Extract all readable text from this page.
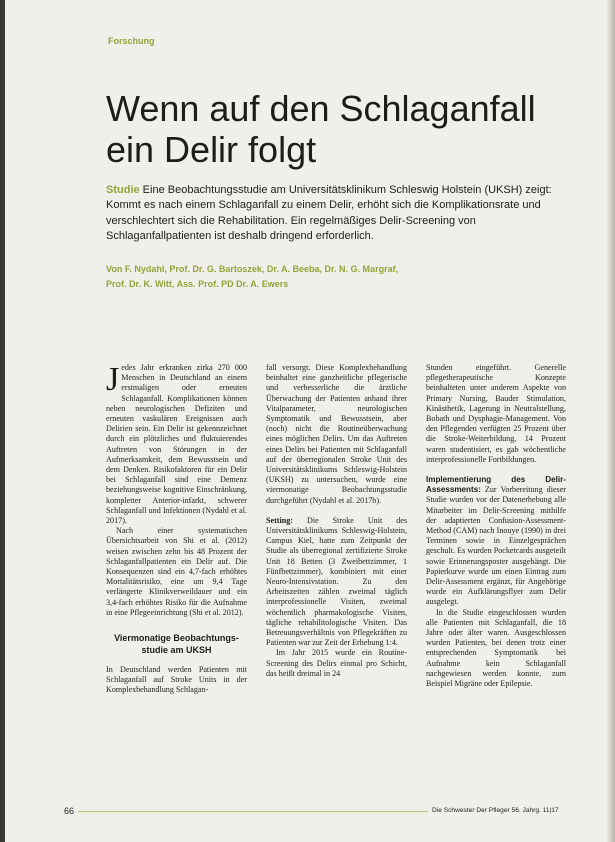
Forschung
Wenn auf den Schlaganfall
ein Delir folgt

Studie Eine Beobachtungsstudie am Universitätsklinikum Schleswig Holstein (UKSH) zeigt: Kommt es nach einem Schlaganfall zu einem Delir, erhöht sich die Komplikationsrate und verschlechtert sich die Rehabilitation. Ein regelmäßiges Delir-Screening von Schlaganfallpatienten ist deshalb dringend erforderlich.

Von F. Nydahl, Prof. Dr. G. Bartoszek, Dr. A. Beeba, Dr. N. G. Margraf,
Prof. Dr. K. Witt, Ass. Prof. PD Dr. A. Ewers

Jedes Jahr erkranken zirka 270 000 Menschen in Deutschland an einem erstmaligen oder erneuten Schlaganfall. Komplikationen können neben neurologischen Defiziten und erneuten vaskulären Ereignissen auch Delirien sein. Ein Delir ist gekennzeichnet durch ein plötzliches und fluktuierendes Auftreten von Störungen in der Aufmerksamkeit, dem Bewusstsein und dem Denken. Risikofaktoren für ein Delir bei Schlaganfall sind eine Demenz beziehungsweise kognitive Einschränkung, kompletter Anterior-infarkt, schwerer Schlaganfall und Infektionen (Nydahl et al. 2017).

Nach einer systematischen Übersichtsarbeit von Shi et al. (2012) weisen zwischen zehn bis 48 Prozent der Schlaganfallpatienten ein Delir auf. Die Konsequenzen sind ein 4,7-fach erhöhtes Mortalitätsrisiko, eine um 9,4 Tage verlängerte Klinikverweildauer und ein 3,4-fach erhöhtes Risiko für die Aufnahme in eine Pflegeeinrichtung (Shi et al. 2012).

Viermonatige Beobachtungs-
studie am UKSH

In Deutschland werden Patienten mit Schlaganfall auf Stroke Units in der Komplexbehandlung Schlagan-

fall versorgt. Diese Komplexbehandlung beinhaltet eine ganzheitliche pflegerische und verbesserliche die ärztliche Überwachung der Patienten anhand ihrer Vitalparameter, neurologischen Symptomatik und Bewusstsein, aber (noch) nicht die Routineüberwachung eines möglichen Delirs. Um das Auftreten eines Delirs bei Patienten mit Schlaganfall auf der überregionalen Stroke Unit des Universitätsklinikums Schleswig-Holstein (UKSH) zu untersuchen, wurde eine viermonatige Beobachtungsstudie durchgeführt (Nydahl et al. 2017b).

Setting: Die Stroke Unit des Universitätsklinikums Schleswig-Holstein, Campus Kiel, hatte zum Zeitpunkt der Studie als überregional zertifizierte Stroke Unit 18 Betten (3 Zweibettzimmer, 1 Fünfbettzimmer), kombiniert mit einer Neuro-Intensivstation. Zu den Arbeitszeiten zählen zweimal täglich interprofessionelle Visiten, zweimal wöchentlich pharmakologische Visiten, tägliche rehabilitologische Visiten. Das Betreuungsverhältnis von Pflegekräften zu Patienten war zur Zeit der Erhebung 1:4.

Im Jahr 2015 wurde ein Routine-Screening des Delirs einmal pro Schicht, das heißt dreimal in 24

Stunden eingeführt. Generelle pflegetherapeutische Konzepte beinhalteten unter anderem Aspekte von Primary Nursing, Bauder Stimulation, Kinästhetik, Lagerung in Neutralstellung, Bobath und Dysphagie-Management. Von den Pflegenden verfügten 25 Prozent über die Stroke-Weiterbildung, 14 Prozent waren studentisiert, es gab wöchentliche interprofessionelle Fortbildungen.

Implementierung des Delir-Assessments: Zur Vorbereitung dieser Studie wurden vor der Datenerhebung alle Mitarbeiter im Delir-Screening mithilfe der adaptierten Confusion-Assessment-Method (CAM) nach Inouye (1990) in drei Terminen sowie in Einzelgesprächen geschult. Es wurden Pocketcards ausgeteilt sowie Erinnerungsposter ausgehängt. Die Papierkurve wurde um einen Eintrag zum Delir-Assessment ergänzt, für Angehörige wurde ein Aufklärungsflyer zum Delir ausgelegt.

In die Studie eingeschlossen wurden alle Patienten mit Schlaganfall, die 18 Jahre oder älter waren. Ausgeschlossen wurden Patienten, bei denen trotz einer entsprechenden Symptomatik bei Aufnahme kein Schlaganfall nachgewiesen werden konnte, zum Beispiel Migräne oder Epilepsie.

66	Die Schwester Der Pfleger 56. Jahrg. 11|17
